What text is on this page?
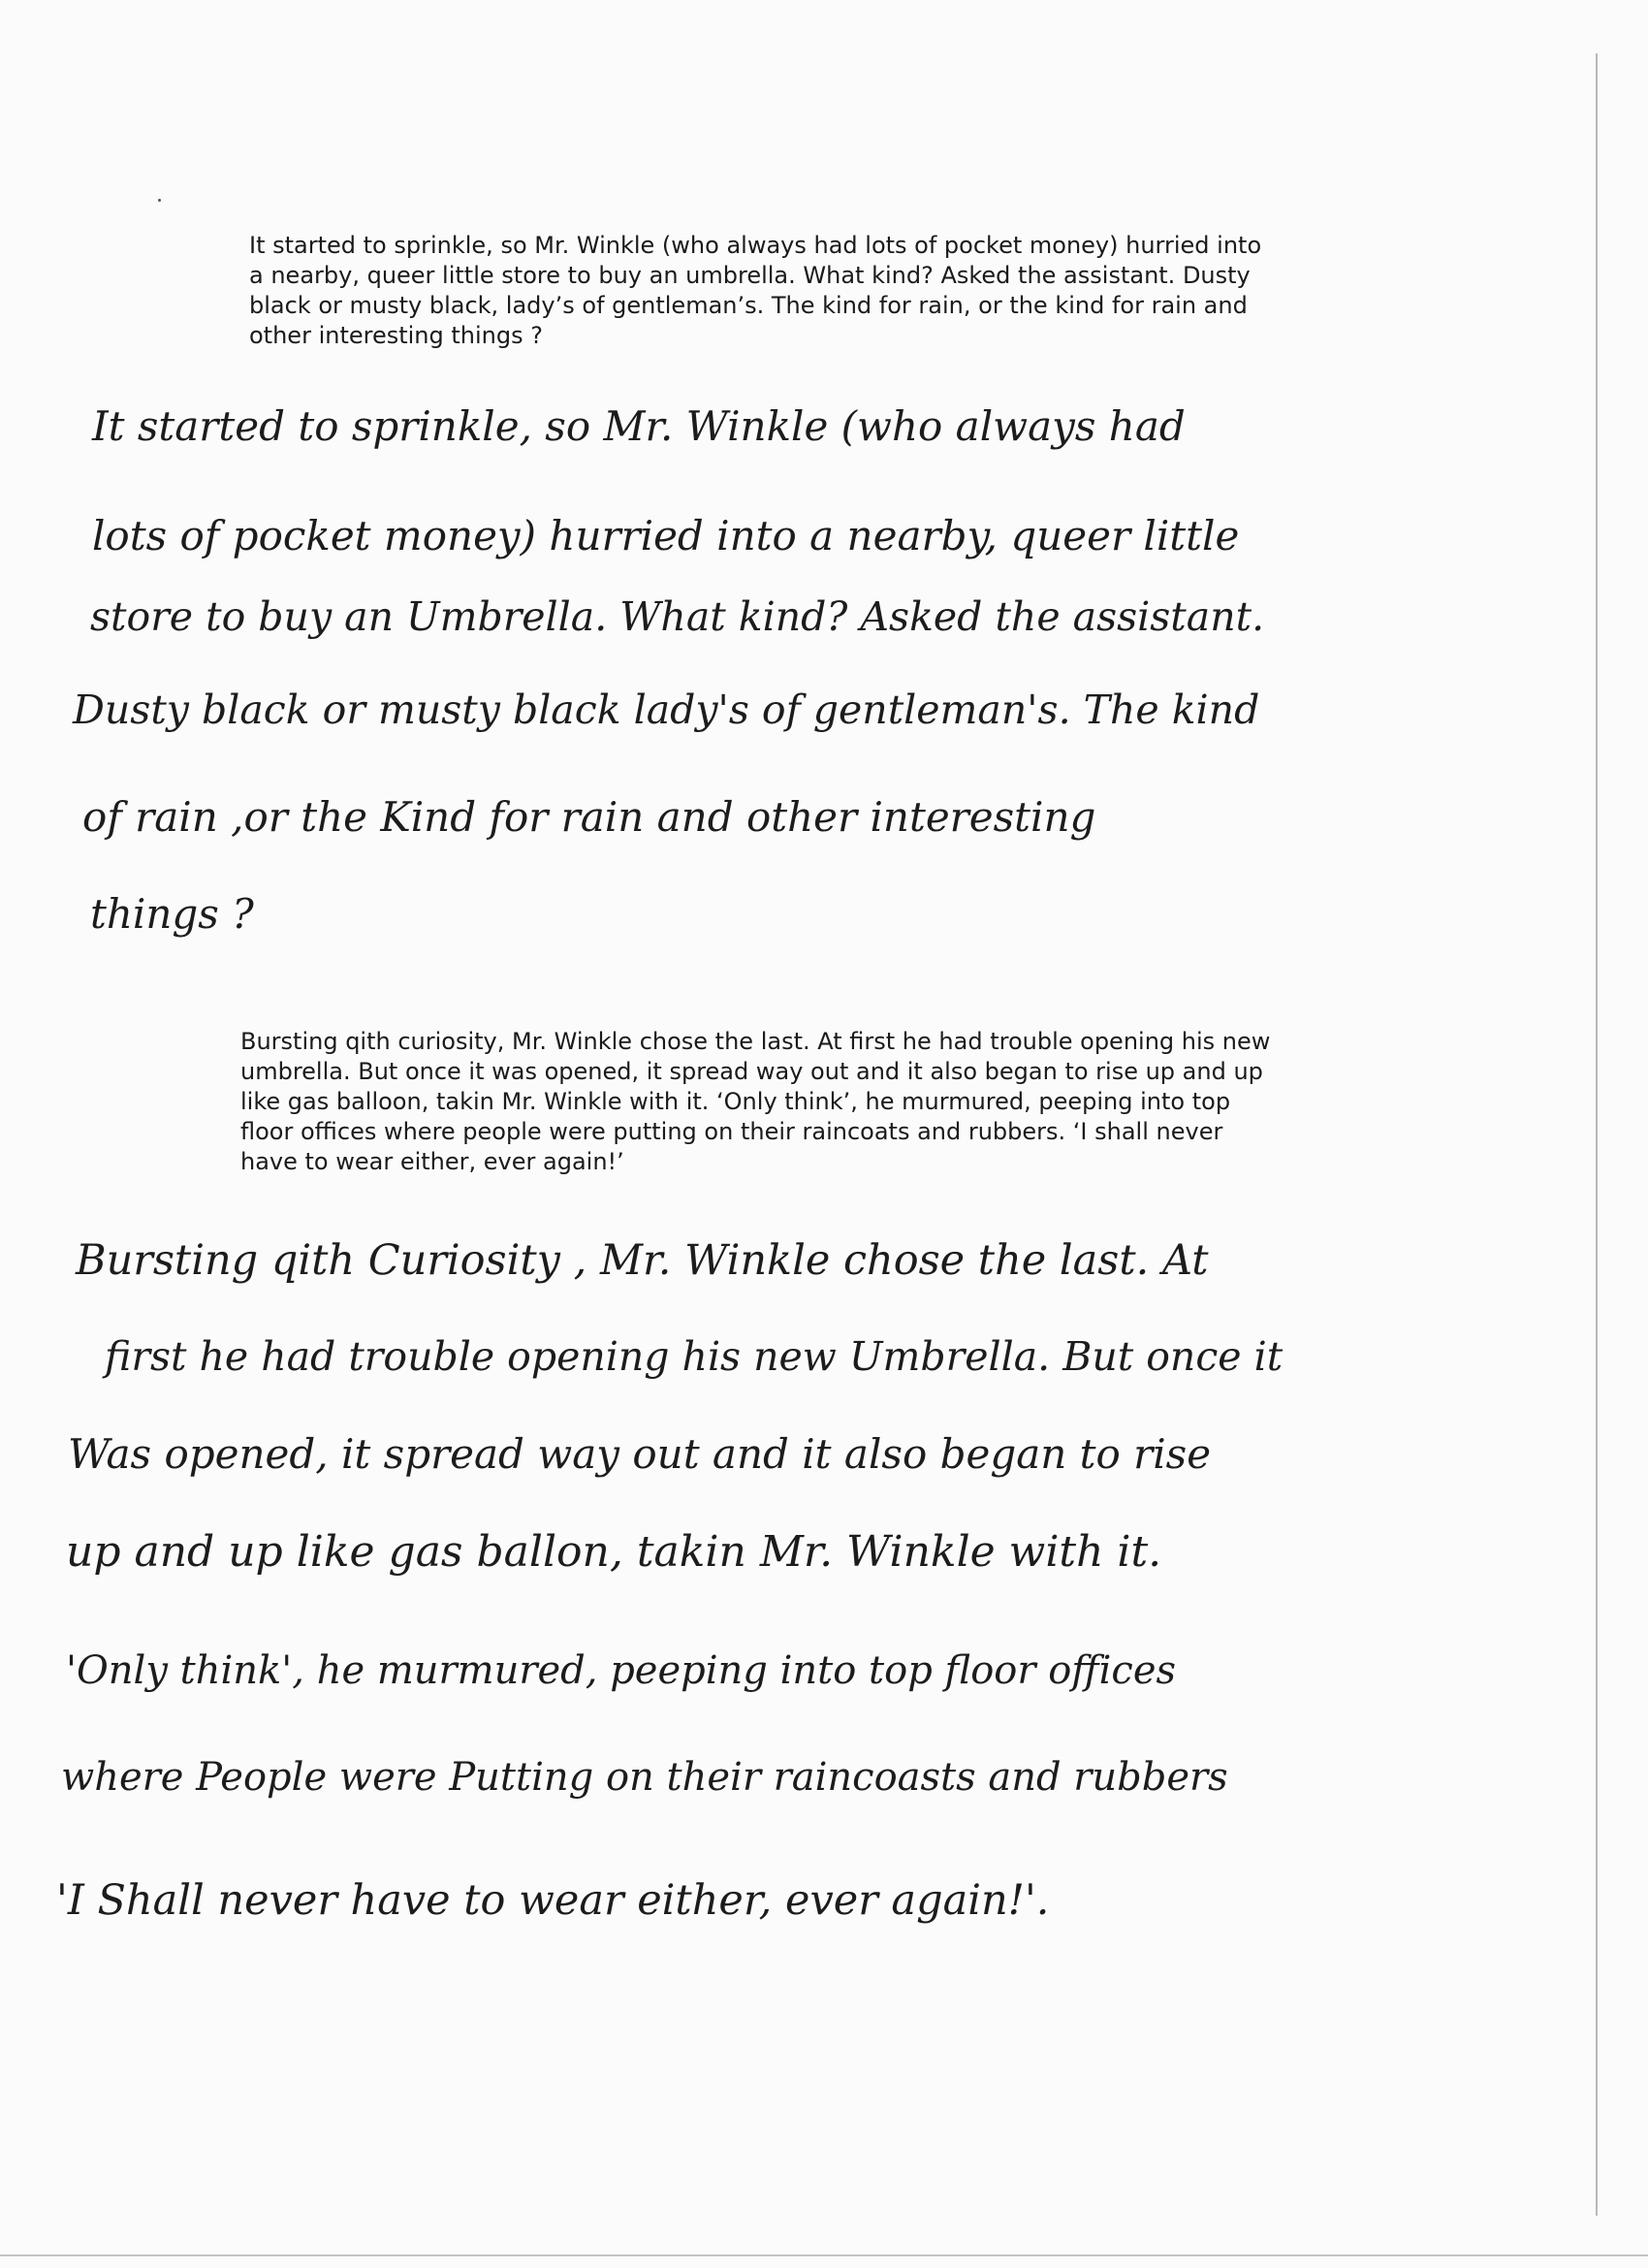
It started to sprinkle, so Mr. Winkle (who always had lots of pocket money) hurried into
a nearby, queer little store to buy an umbrella. What kind? Asked the assistant. Dusty
black or musty black, lady’s of gentleman’s. The kind for rain, or the kind for rain and
other interesting things ?
It started to sprinkle, so Mr. Winkle (who always had
lots of pocket money) hurried into a nearby, queer little
store to buy an Umbrella. What kind? Asked the assistant.
Dusty black or musty black lady's of gentleman's. The kind
of rain ,or the Kind for rain and other interesting
things ?
Bursting qith curiosity, Mr. Winkle chose the last. At first he had trouble opening his new
umbrella. But once it was opened, it spread way out and it also began to rise up and up
like gas balloon, takin Mr. Winkle with it. ‘Only think’, he murmured, peeping into top
floor offices where people were putting on their raincoats and rubbers. ‘I shall never
have to wear either, ever again!’
Bursting qith Curiosity , Mr. Winkle chose the last. At
first he had trouble opening his new Umbrella. But once it
Was opened, it spread way out and it also began to rise
up and up like gas ballon, takin Mr. Winkle with it.
'Only think', he murmured, peeping into top floor offices
where People were Putting on their raincoasts and rubbers
'I Shall never have to wear either, ever again!'.
